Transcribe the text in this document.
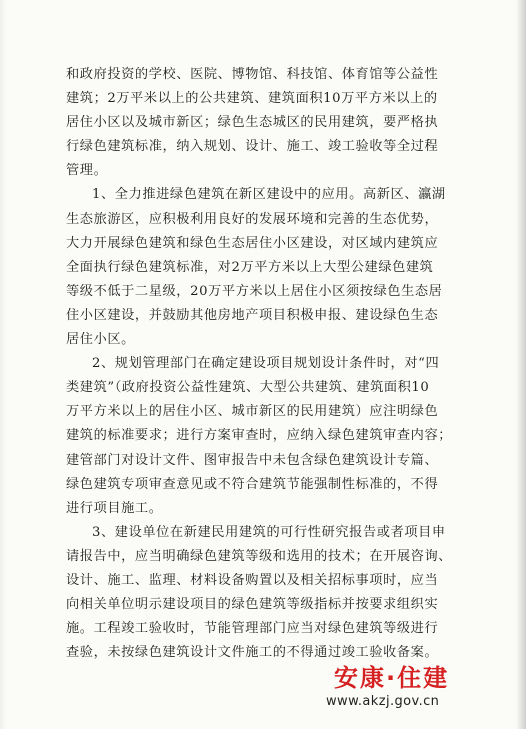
和政府投资的学校、医院、博物馆、科技馆、体育馆等公益性
建筑；2万平米以上的公共建筑、建筑面积10万平方米以上的
居住小区以及城市新区；绿色生态城区的民用建筑，要严格执
行绿色建筑标准，纳入规划、设计、施工、竣工验收等全过程
管理。
1、全力推进绿色建筑在新区建设中的应用。高新区、瀛湖
生态旅游区，应积极利用良好的发展环境和完善的生态优势，
大力开展绿色建筑和绿色生态居住小区建设，对区域内建筑应
全面执行绿色建筑标准，对2万平方米以上大型公建绿色建筑
等级不低于二星级，20万平方米以上居住小区须按绿色生态居
住小区建设，并鼓励其他房地产项目积极申报、建设绿色生态
居住小区。
2、规划管理部门在确定建设项目规划设计条件时，对“四
类建筑”（政府投资公益性建筑、大型公共建筑、建筑面积10
万平方米以上的居住小区、城市新区的民用建筑）应注明绿色
建筑的标准要求；进行方案审查时，应纳入绿色建筑审查内容；
建管部门对设计文件、图审报告中未包含绿色建筑设计专篇、
绿色建筑专项审查意见或不符合建筑节能强制性标准的，不得
进行项目施工。
3、建设单位在新建民用建筑的可行性研究报告或者项目申
请报告中，应当明确绿色建筑等级和选用的技术；在开展咨询、
设计、施工、监理、材料设备购置以及相关招标事项时，应当
向相关单位明示建设项目的绿色建筑等级指标并按要求组织实
施。工程竣工验收时，节能管理部门应当对绿色建筑等级进行
查验，未按绿色建筑设计文件施工的不得通过竣工验收备案。
安康·住建
www.akzj.gov.cn
